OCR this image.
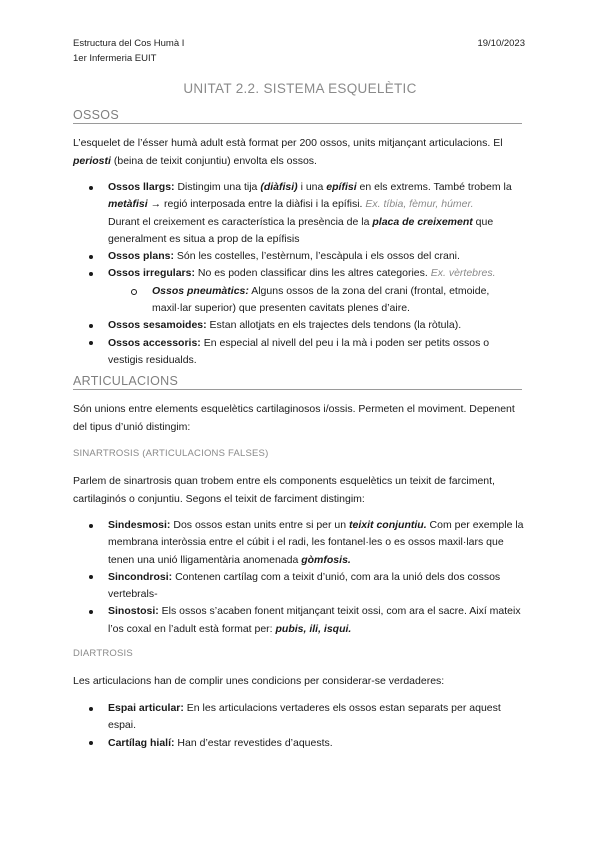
Estructura del Cos Humà I
1er Infermeria EUIT
19/10/2023
UNITAT 2.2. SISTEMA ESQUELÈTIC
OSSOS
L’esquelet de l’ésser humà adult està format per 200 ossos, units mitjançant articulacions. El periosti (beina de teixit conjuntiu) envolta els ossos.
Ossos llargs: Distingim una tija (diàfisi) i una epífisi en els extrems. També trobem la metàfisi → regió interposada entre la diàfisi i la epífisi. Ex. tíbia, fèmur, húmer.
Durant el creixement es característica la presència de la placa de creixement que generalment es situa a prop de la epífisis
Ossos plans: Són les costelles, l’estèrnum, l’escàpula i els ossos del crani.
Ossos irregulars: No es poden classificar dins les altres categories. Ex. vèrtebres.
Ossos pneumàtics: Alguns ossos de la zona del crani (frontal, etmoide, maxil·lar superior) que presenten cavitats plenes d’aire.
Ossos sesamoides: Estan allotjats en els trajectes dels tendons (la ròtula).
Ossos accessoris: En especial al nivell del peu i la mà i poden ser petits ossos o vestigis residualds.
ARTICULACIONS
Són unions entre elements esquelètics cartilaginosos i/ossis. Permeten el moviment. Depenent del tipus d’unió distingim:
SINARTROSIS (ARTICULACIONS FALSES)
Parlem de sinartrosis quan trobem entre els components esquelètics un teixit de farciment, cartilaginós o conjuntiu. Segons el teixit de farciment distingim:
Sindesmosi: Dos ossos estan units entre si per un teixit conjuntiu. Com per exemple la membrana interòssia entre el cúbit i el radi, les fontanel·les o es ossos maxil·lars que tenen una unió lligamentària anomenada gòmfosis.
Sincondrosi: Contenen cartílag com a teixit d’unió, com ara la unió dels dos cossos vertebrals-
Sinostosi: Els ossos s’acaben fonent mitjançant teixit ossi, com ara el sacre. Així mateix l’os coxal en l’adult està format per: pubis, ili, isqui.
DIARTROSIS
Les articulacions han de complir unes condicions per considerar-se verdaderes:
Espai articular: En les articulacions vertaderes els ossos estan separats per aquest espai.
Cartílag hialí: Han d’estar revestides d’aquests.
